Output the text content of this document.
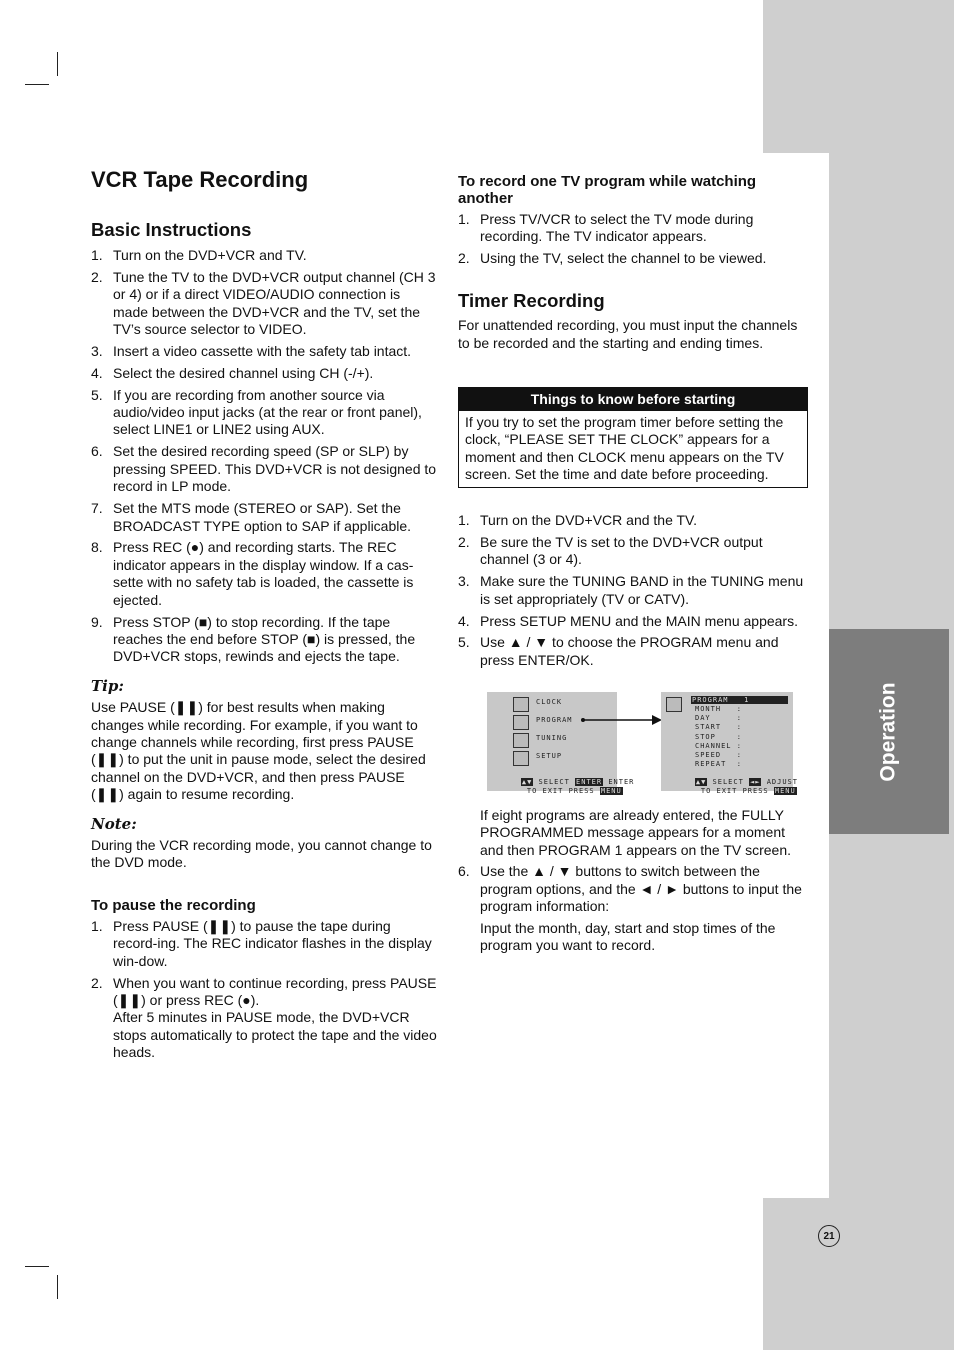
Operation
21
VCR Tape Recording
Basic Instructions
1. Turn on the DVD+VCR and TV.
2. Tune the TV to the DVD+VCR output channel (CH 3 or 4) or if a direct VIDEO/AUDIO connection is made between the DVD+VCR and the TV, set the TV’s source selector to VIDEO.
3. Insert a video cassette with the safety tab intact.
4. Select the desired channel using CH (-/+).
5. If you are recording from another source via audio/video input jacks (at the rear or front panel), select LINE1 or LINE2 using AUX.
6. Set the desired recording speed (SP or SLP) by pressing SPEED. This DVD+VCR is not designed to record in LP mode.
7. Set the MTS mode (STEREO or SAP). Set the BROADCAST TYPE option to SAP if applicable.
8. Press REC (●) and recording starts. The REC indicator appears in the display window. If a cas-sette with no safety tab is loaded, the cassette is ejected.
9. Press STOP (■) to stop recording. If the tape reaches the end before STOP (■) is pressed, the DVD+VCR stops, rewinds and ejects the tape.
Tip:

Use PAUSE (❚❚) for best results when making changes while recording. For example, if you want to change channels while recording, first press PAUSE (❚❚) to put the unit in pause mode, select the desired channel on the DVD+VCR, and then press PAUSE (❚❚) again to resume recording.

Note:

During the VCR recording mode, you cannot change to the DVD mode.

To pause the recording
1. Press PAUSE (❚❚) to pause the tape during record-ing. The REC indicator flashes in the display win-dow.
2. When you want to continue recording, press PAUSE (❚❚) or press REC (●).
After 5 minutes in PAUSE mode, the DVD+VCR stops automatically to protect the tape and the video heads.
To record one TV program while watching another
1. Press TV/VCR to select the TV mode during recording. The TV indicator appears.
2. Using the TV, select the channel to be viewed.
Timer Recording

For unattended recording, you must input the channels to be recorded and the starting and ending times.

Things to know before starting
If you try to set the program timer before setting the clock, “PLEASE SET THE CLOCK” appears for a moment and then CLOCK menu appears on the TV screen. Set the time and date before proceeding.
1. Turn on the DVD+VCR and the TV.
2. Be sure the TV is set to the DVD+VCR output channel (3 or 4).
3. Make sure the TUNING BAND in the TUNING menu is set appropriately (TV or CATV).
4. Press SETUP MENU and the MAIN menu appears.
5. Use ▲ / ▼ to choose the PROGRAM menu and press ENTER/OK.
CLOCK
PROGRAM
TUNING
SETUP

▲▼ SELECT ENTER ENTER

TO EXIT PRESS MENU

PROGRAM   1
MONTH   :
DAY     :
START   :
STOP    :
CHANNEL :
SPEED   :
REPEAT  :

▲▼ SELECT ◄► ADJUST

TO EXIT PRESS MENU

If eight programs are already entered, the FULLY PROGRAMMED message appears for a moment and then PROGRAM 1 appears on the TV screen.

6. Use the ▲ / ▼ buttons to switch between the program options, and the ◄ / ► buttons to input the program information:

Input the month, day, start and stop times of the program you want to record.
